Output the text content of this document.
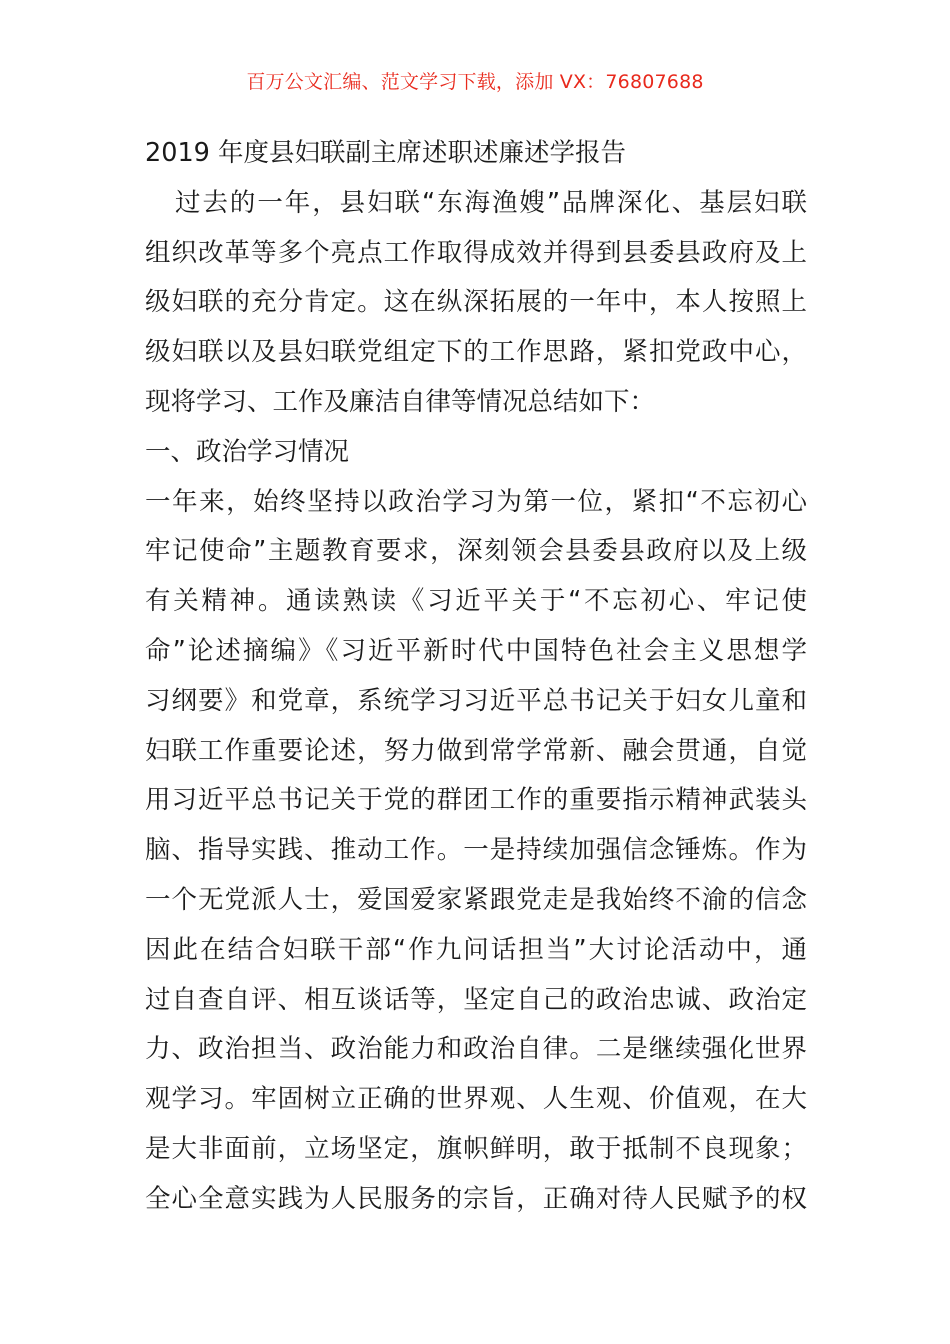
百万公文汇编、范文学习下载，添加 VX：76807688
2019 年度县妇联副主席述职述廉述学报告
过去的一年，县妇联“东海渔嫂”品牌深化、基层妇联
组织改革等多个亮点工作取得成效并得到县委县政府及上
级妇联的充分肯定。这在纵深拓展的一年中，本人按照上
级妇联以及县妇联党组定下的工作思路，紧扣党政中心，
现将学习、工作及廉洁自律等情况总结如下：
一、政治学习情况
一年来，始终坚持以政治学习为第一位，紧扣“不忘初心
牢记使命”主题教育要求，深刻领会县委县政府以及上级
有关精神。通读熟读《习近平关于“不忘初心、牢记使
命”论述摘编》《习近平新时代中国特色社会主义思想学
习纲要》和党章，系统学习习近平总书记关于妇女儿童和
妇联工作重要论述，努力做到常学常新、融会贯通，自觉
用习近平总书记关于党的群团工作的重要指示精神武装头
脑、指导实践、推动工作。一是持续加强信念锤炼。作为
一个无党派人士，爱国爱家紧跟党走是我始终不渝的信念
因此在结合妇联干部“作九问话担当”大讨论活动中，通
过自查自评、相互谈话等，坚定自己的政治忠诚、政治定
力、政治担当、政治能力和政治自律。二是继续强化世界
观学习。牢固树立正确的世界观、人生观、价值观，在大
是大非面前，立场坚定，旗帜鲜明，敢于抵制不良现象；
全心全意实践为人民服务的宗旨，正确对待人民赋予的权
